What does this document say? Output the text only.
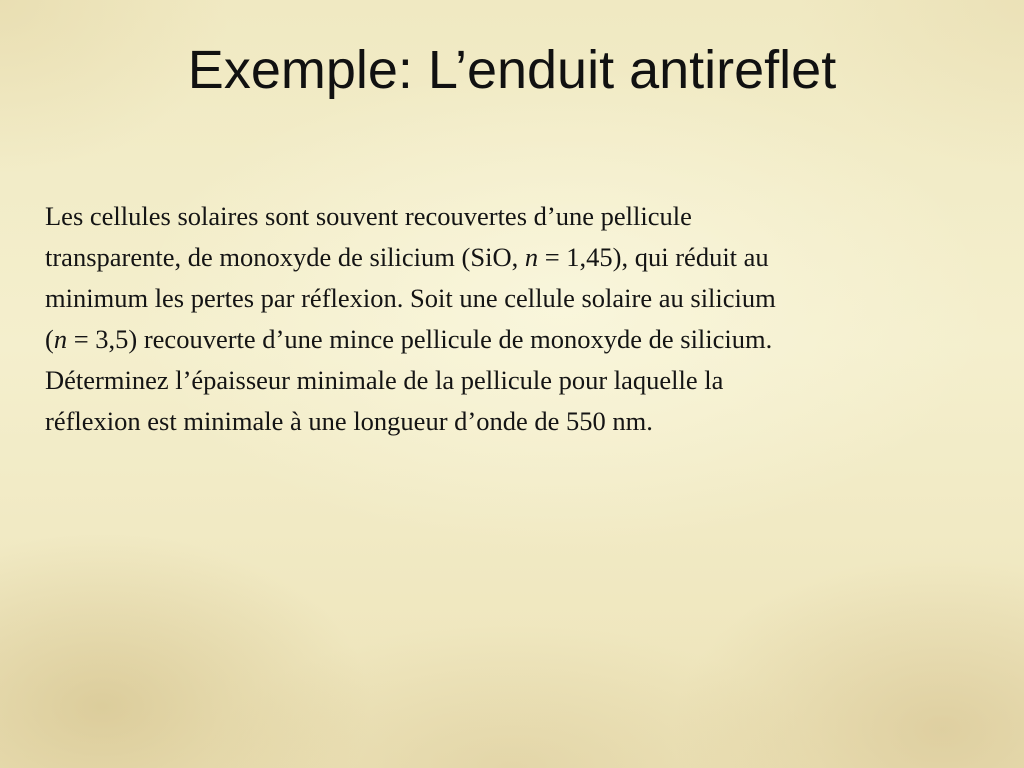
Exemple: L’enduit antireflet
Les cellules solaires sont souvent recouvertes d’une pellicule
transparente, de monoxyde de silicium (SiO, n = 1,45), qui réduit au
minimum les pertes par réflexion. Soit une cellule solaire au silicium
(n = 3,5) recouverte d’une mince pellicule de monoxyde de silicium.
Déterminez l’épaisseur minimale de la pellicule pour laquelle la
réflexion est minimale à une longueur d’onde de 550 nm.
